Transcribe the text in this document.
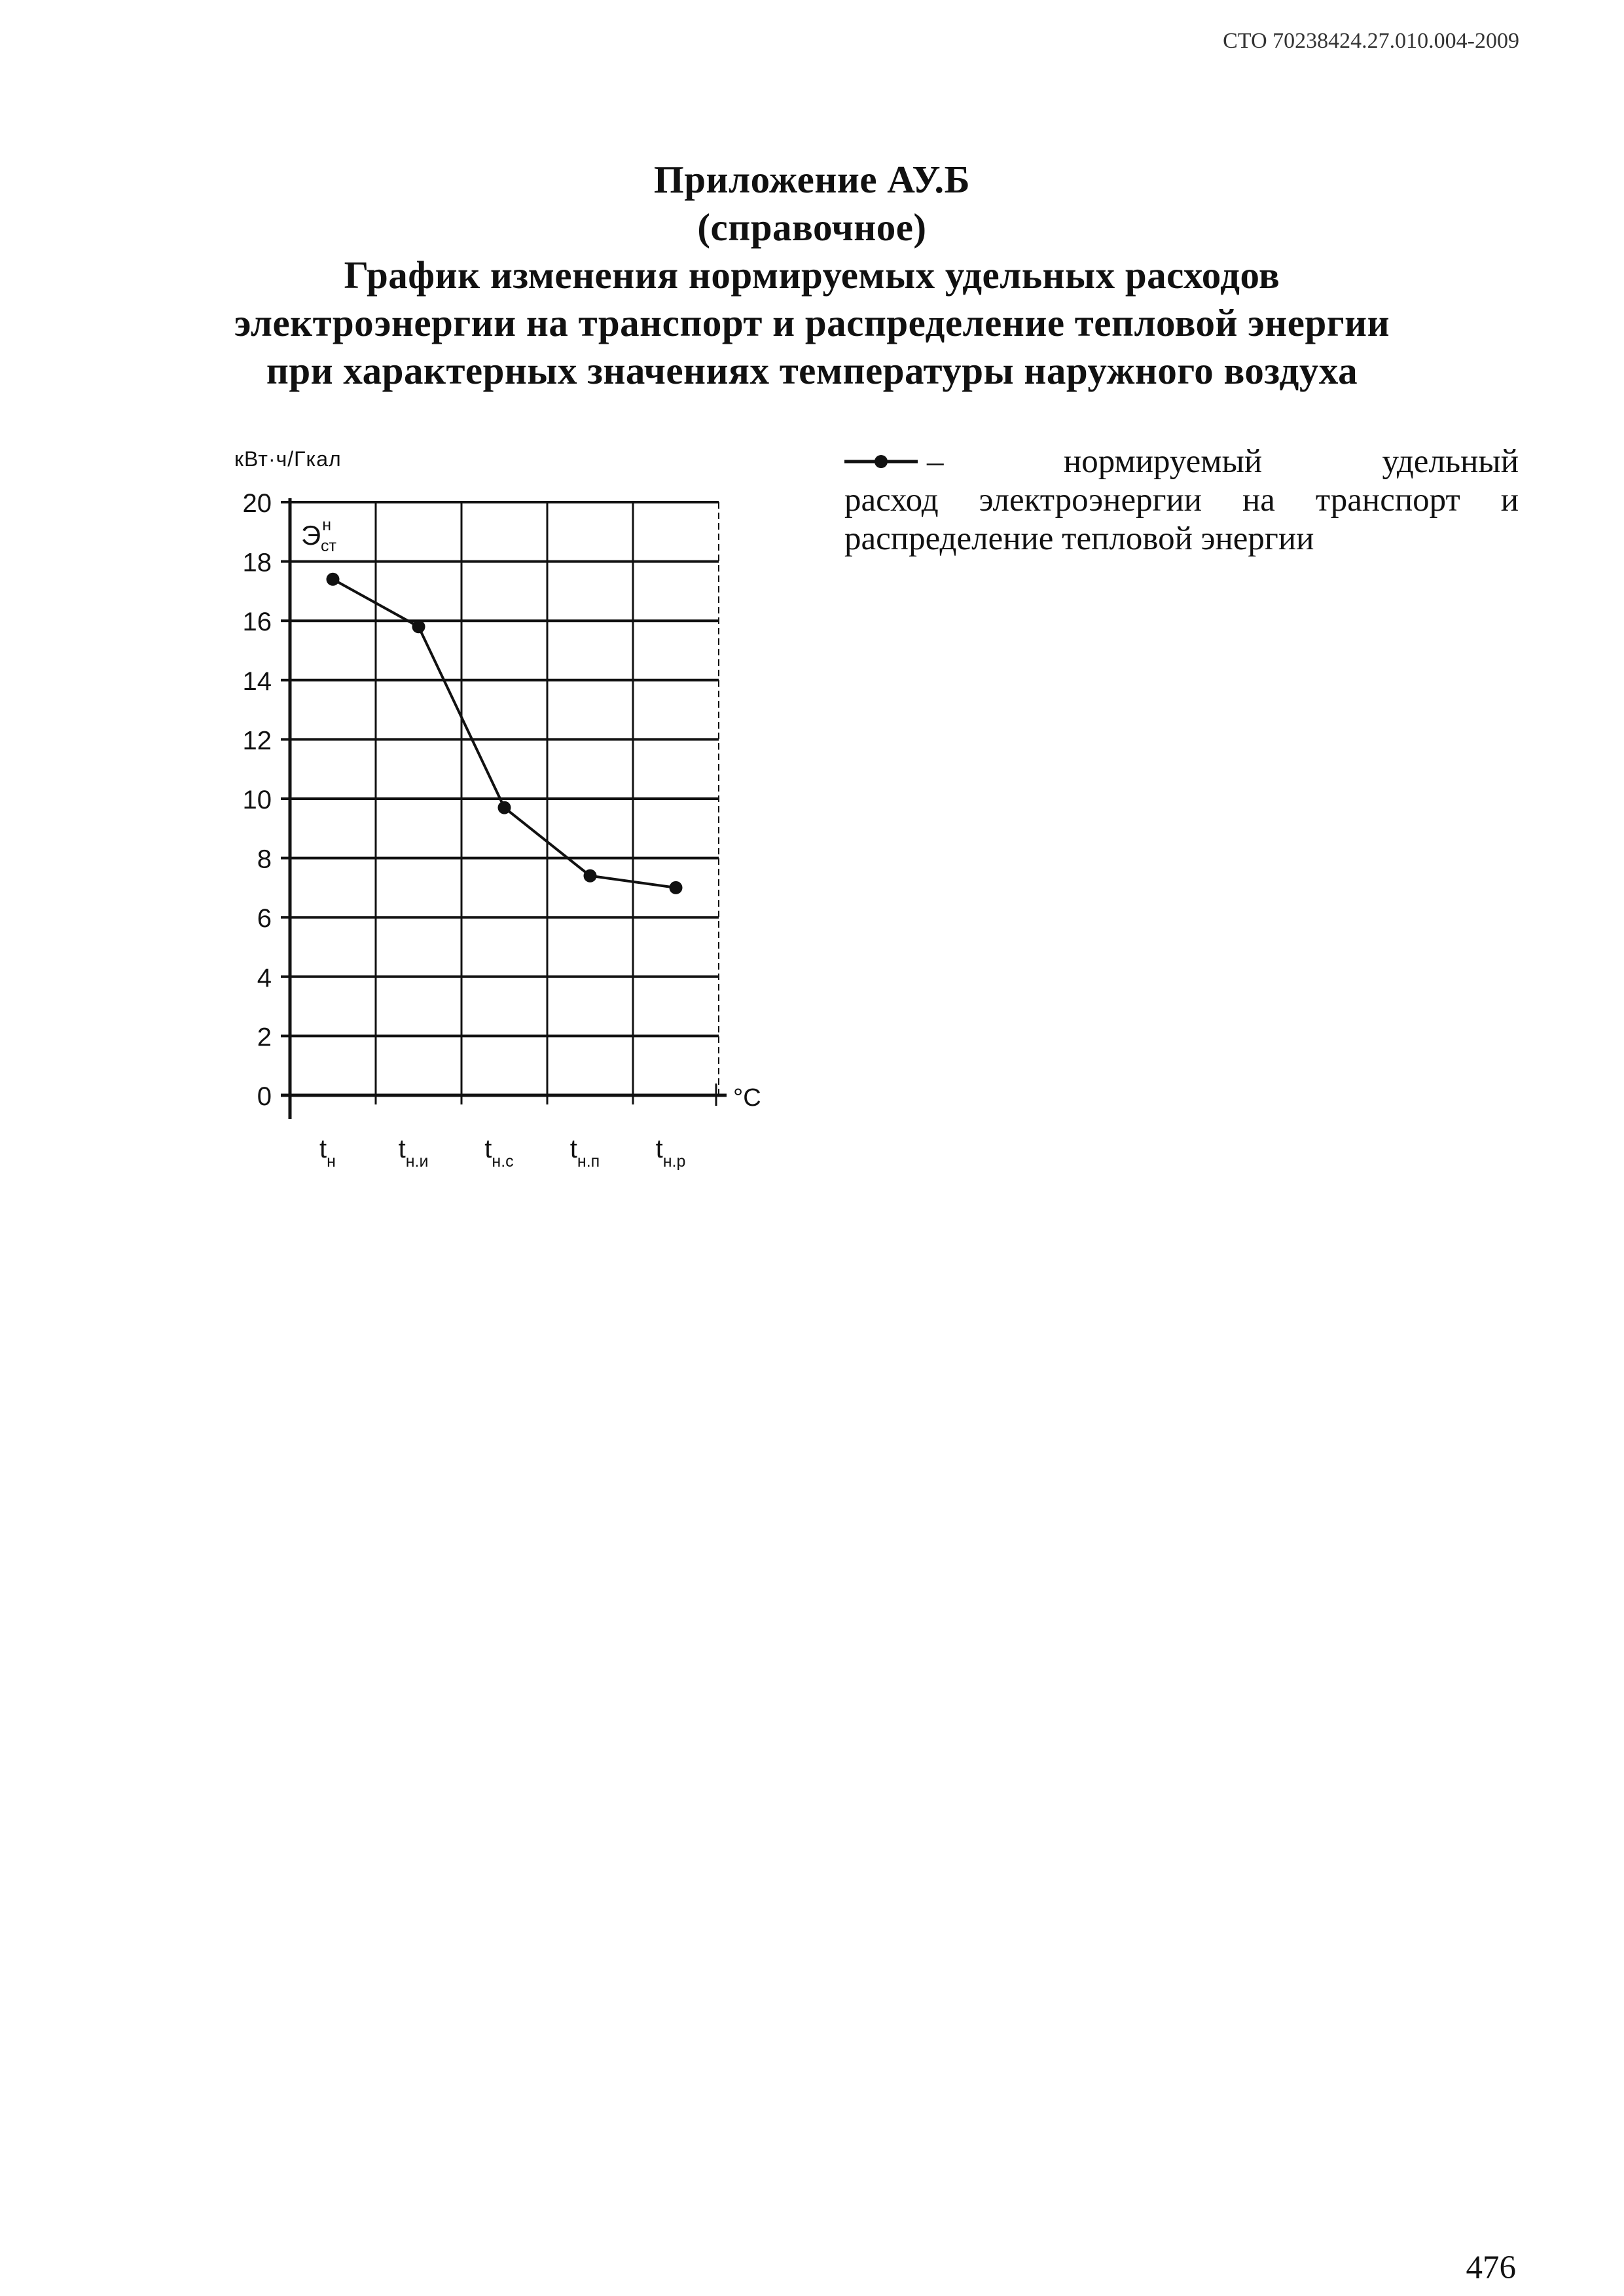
СТО 70238424.27.010.004-2009
Приложение АУ.Б
(справочное)
График изменения нормируемых удельных расходов
электроэнергии на транспорт и распределение тепловой энергии
при характерных значениях температуры наружного воздуха
0
2
4
6
8
10
12
14
16
18
20
кВт·ч/Гкал
$Э^н$ ст
°C
$t_н$ $t_{н.и}$ $t_{н.с}$ $t_{н.п}$ $t_{н.р}$

– нормируемый удельный

расход электроэнергии на транспорт и

распределение тепловой энергии

476
